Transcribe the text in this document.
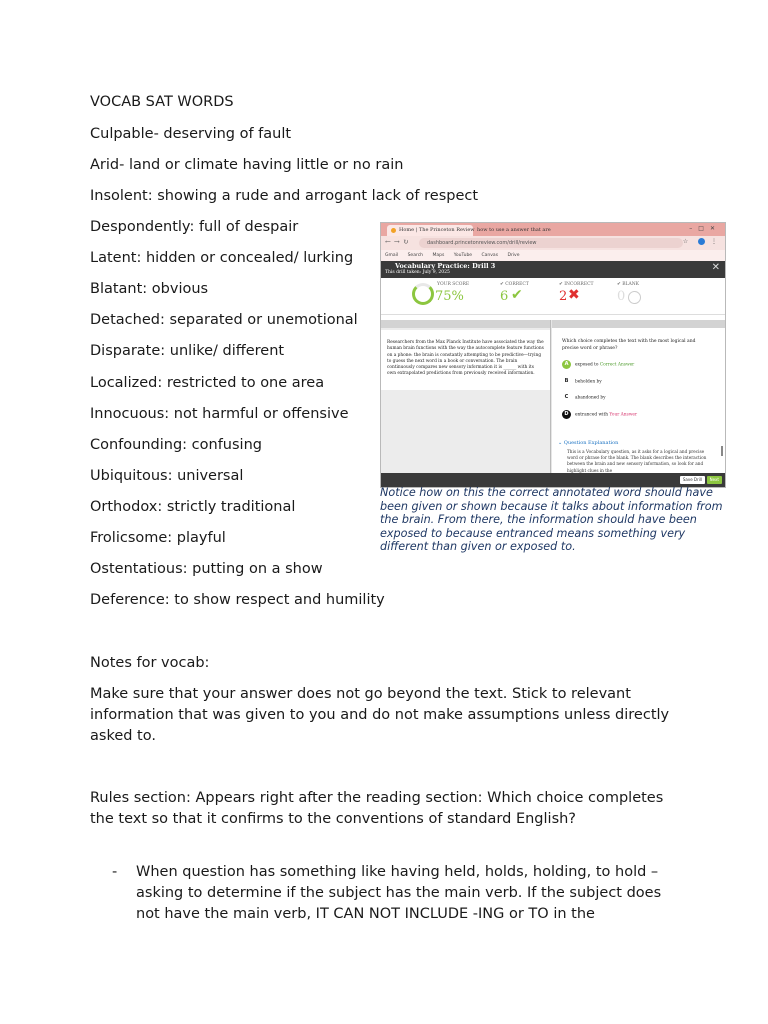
VOCAB SAT WORDS
Culpable- deserving of fault
Arid- land or climate having little or no rain
Insolent: showing a rude and arrogant lack of respect
Despondently: full of despair
Latent: hidden or concealed/ lurking
Blatant: obvious
Detached: separated or unemotional
Disparate: unlike/ different
Localized: restricted to one area
Innocuous: not harmful or offensive
Confounding: confusing
Ubiquitous: universal
Orthodox: strictly traditional
Frolicsome: playful
Ostentatious: putting on a show
Deference: to show respect and humility
Notes for vocab:
Make sure that your answer does not go beyond the text. Stick to relevant information that was given to you and do not make assumptions unless directly asked to.
Rules section: Appears right after the reading section: Which choice completes the text so that it confirms to the conventions of standard English?
- When question has something like having held, holds, holding, to hold – asking to determine if the subject has the main verb. If the subject does not have the main verb, IT CAN NOT INCLUDE -ING or TO in the
Home | The Princeton Review how to use a answer that are	–□✕
←→↻	dashboard.princetonreview.com/drill/review	☆  ⋮
Gmail Search Maps YouTube Canvas Drive
Vocabulary Practice: Drill 3
This drill taken: July 9, 2025	✕
YOUR SCORE
75%
✔ CORRECT
6 ✔
✔ INCORRECT
2 ✖
✔ BLANK
0
Researchers from the Max Planck Institute have associated the way the human brain functions with the way the autocomplete feature functions on a phone: the brain is constantly attempting to be predictive—trying to guess the next word in a book or conversation. The brain continuously compares new sensory information it is ______ with its own extrapolated predictions from previously received information.
Which choice completes the text with the most logical and precise word or phrase?
A exposed to Correct Answer
B beholden by
C abandoned by
D entranced with Your Answer
⌄ Question Explanation
This is a Vocabulary question, as it asks for a logical and precise word or phrase for the blank. The blank describes the interaction between the brain and new sensory information, so look for and highlight clues in the
Save Drill	Next
Notice how on this the correct annotated word should have been given or shown because it talks about information from the brain. From there, the information should have been exposed to because entranced means something very different than given or exposed to.
